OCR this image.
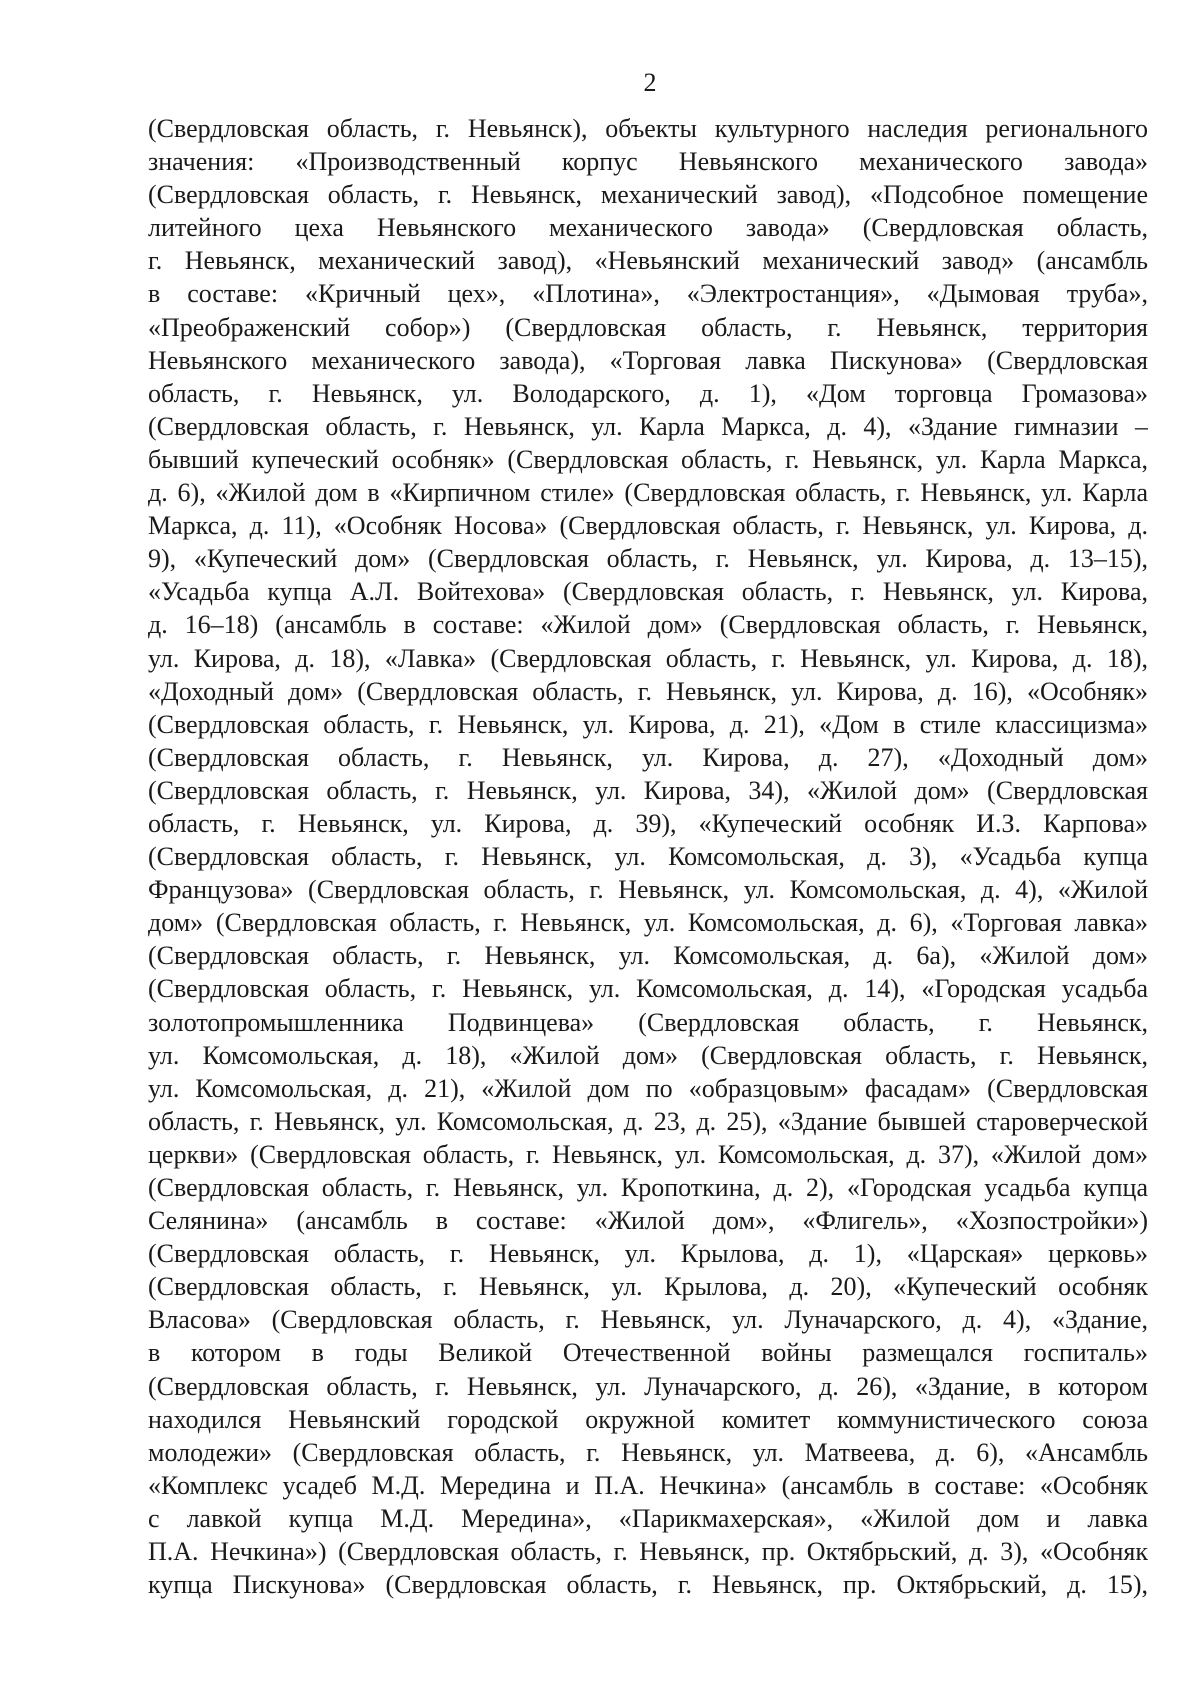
2
(Свердловская область, г. Невьянск), объекты культурного наследия регионального
значения: «Производственный корпус Невьянского механического завода»
(Свердловская область, г. Невьянск, механический завод), «Подсобное помещение
литейного цеха Невьянского механического завода» (Свердловская область,
г. Невьянск, механический завод), «Невьянский механический завод» (ансамбль
в составе: «Кричный цех», «Плотина», «Электростанция», «Дымовая труба»,
«Преображенский собор») (Свердловская область, г. Невьянск, территория
Невьянского механического завода), «Торговая лавка Пискунова» (Свердловская
область, г. Невьянск, ул. Володарского, д. 1), «Дом торговца Громазова»
(Свердловская область, г. Невьянск, ул. Карла Маркса, д. 4), «Здание гимназии –
бывший купеческий особняк» (Свердловская область, г. Невьянск, ул. Карла Маркса,
д. 6), «Жилой дом в «Кирпичном стиле» (Свердловская область, г. Невьянск, ул. Карла
Маркса, д. 11), «Особняк Носова» (Свердловская область, г. Невьянск, ул. Кирова, д.
9), «Купеческий дом» (Свердловская область, г. Невьянск, ул. Кирова, д. 13–15),
«Усадьба купца А.Л. Войтехова» (Свердловская область, г. Невьянск, ул. Кирова,
д. 16–18) (ансамбль в составе: «Жилой дом» (Свердловская область, г. Невьянск,
ул. Кирова, д. 18), «Лавка» (Свердловская область, г. Невьянск, ул. Кирова, д. 18),
«Доходный дом» (Свердловская область, г. Невьянск, ул. Кирова, д. 16), «Особняк»
(Свердловская область, г. Невьянск, ул. Кирова, д. 21), «Дом в стиле классицизма»
(Свердловская область, г. Невьянск, ул. Кирова, д. 27), «Доходный дом»
(Свердловская область, г. Невьянск, ул. Кирова, 34), «Жилой дом» (Свердловская
область, г. Невьянск, ул. Кирова, д. 39), «Купеческий особняк И.З. Карпова»
(Свердловская область, г. Невьянск, ул. Комсомольская, д. 3), «Усадьба купца
Французова» (Свердловская область, г. Невьянск, ул. Комсомольская, д. 4), «Жилой
дом» (Свердловская область, г. Невьянск, ул. Комсомольская, д. 6), «Торговая лавка»
(Свердловская область, г. Невьянск, ул. Комсомольская, д. 6а), «Жилой дом»
(Свердловская область, г. Невьянск, ул. Комсомольская, д. 14), «Городская усадьба
золотопромышленника Подвинцева» (Свердловская область, г. Невьянск,
ул. Комсомольская, д. 18), «Жилой дом» (Свердловская область, г. Невьянск,
ул. Комсомольская, д. 21), «Жилой дом по «образцовым» фасадам» (Свердловская
область, г. Невьянск, ул. Комсомольская, д. 23, д. 25), «Здание бывшей староверческой
церкви» (Свердловская область, г. Невьянск, ул. Комсомольская, д. 37), «Жилой дом»
(Свердловская область, г. Невьянск, ул. Кропоткина, д. 2), «Городская усадьба купца
Селянина» (ансамбль в составе: «Жилой дом», «Флигель», «Хозпостройки»)
(Свердловская область, г. Невьянск, ул. Крылова, д. 1), «Царская» церковь»
(Свердловская область, г. Невьянск, ул. Крылова, д. 20), «Купеческий особняк
Власова» (Свердловская область, г. Невьянск, ул. Луначарского, д. 4), «Здание,
в котором в годы Великой Отечественной войны размещался госпиталь»
(Свердловская область, г. Невьянск, ул. Луначарского, д. 26), «Здание, в котором
находился Невьянский городской окружной комитет коммунистического союза
молодежи» (Свердловская область, г. Невьянск, ул. Матвеева, д. 6), «Ансамбль
«Комплекс усадеб М.Д. Мередина и П.А. Нечкина» (ансамбль в составе: «Особняк
с лавкой купца М.Д. Мередина», «Парикмахерская», «Жилой дом и лавка
П.А. Нечкина») (Свердловская область, г. Невьянск, пр. Октябрьский, д. 3), «Особняк
купца Пискунова» (Свердловская область, г. Невьянск, пр. Октябрьский, д. 15),
